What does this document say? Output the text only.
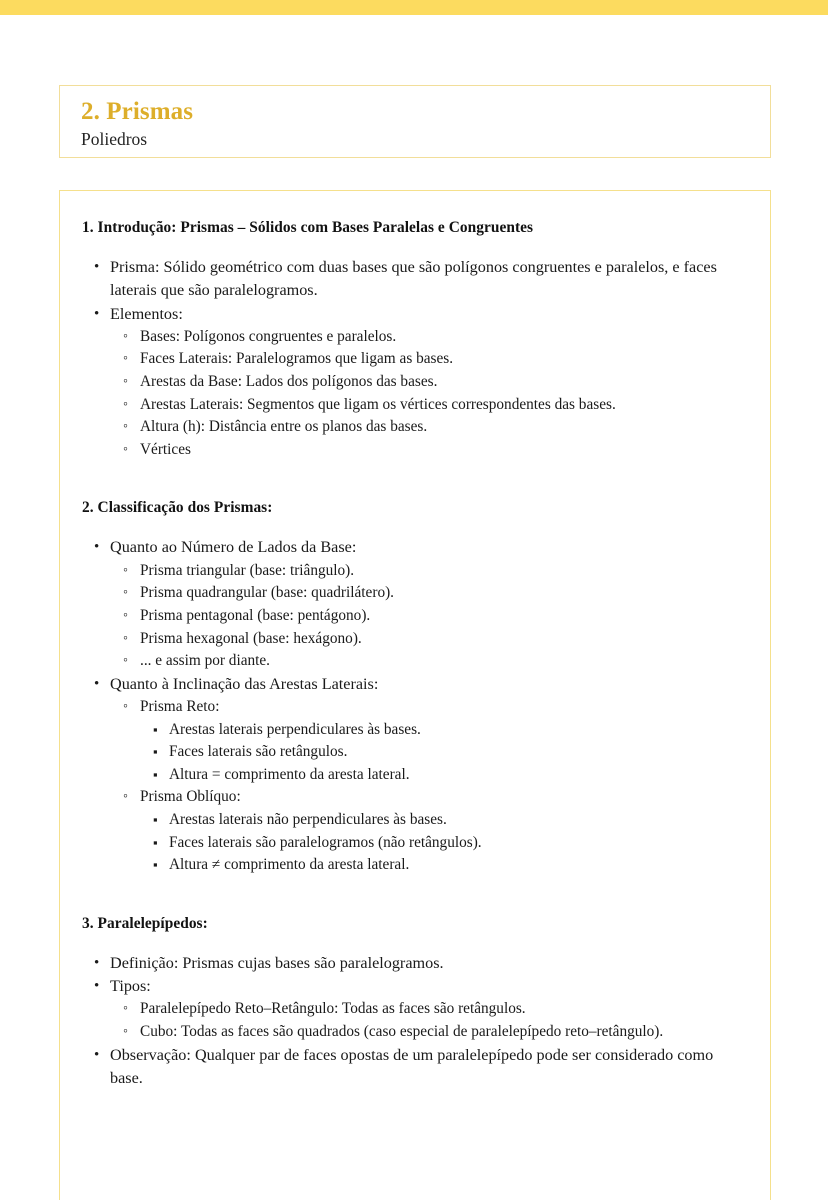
2. Prismas
Poliedros
1. Introdução: Prismas – Sólidos com Bases Paralelas e Congruentes
• Prisma: Sólido geométrico com duas bases que são polígonos congruentes e paralelos, e faces laterais que são paralelogramos.
• Elementos:
◦ Bases: Polígonos congruentes e paralelos.
◦ Faces Laterais: Paralelogramos que ligam as bases.
◦ Arestas da Base: Lados dos polígonos das bases.
◦ Arestas Laterais: Segmentos que ligam os vértices correspondentes das bases.
◦ Altura (h): Distância entre os planos das bases.
◦ Vértices
2. Classificação dos Prismas:
• Quanto ao Número de Lados da Base:
◦ Prisma triangular (base: triângulo).
◦ Prisma quadrangular (base: quadrilátero).
◦ Prisma pentagonal (base: pentágono).
◦ Prisma hexagonal (base: hexágono).
◦ ... e assim por diante.
• Quanto à Inclinação das Arestas Laterais:
◦ Prisma Reto:
▪ Arestas laterais perpendiculares às bases.
▪ Faces laterais são retângulos.
▪ Altura = comprimento da aresta lateral.
◦ Prisma Oblíquo:
▪ Arestas laterais não perpendiculares às bases.
▪ Faces laterais são paralelogramos (não retângulos).
▪ Altura ≠ comprimento da aresta lateral.
3. Paralelepípedos:
• Definição: Prismas cujas bases são paralelogramos.
• Tipos:
◦ Paralelepípedo Reto–Retângulo: Todas as faces são retângulos.
◦ Cubo: Todas as faces são quadrados (caso especial de paralelepípedo reto–retângulo).
• Observação: Qualquer par de faces opostas de um paralelepípedo pode ser considerado como base.
